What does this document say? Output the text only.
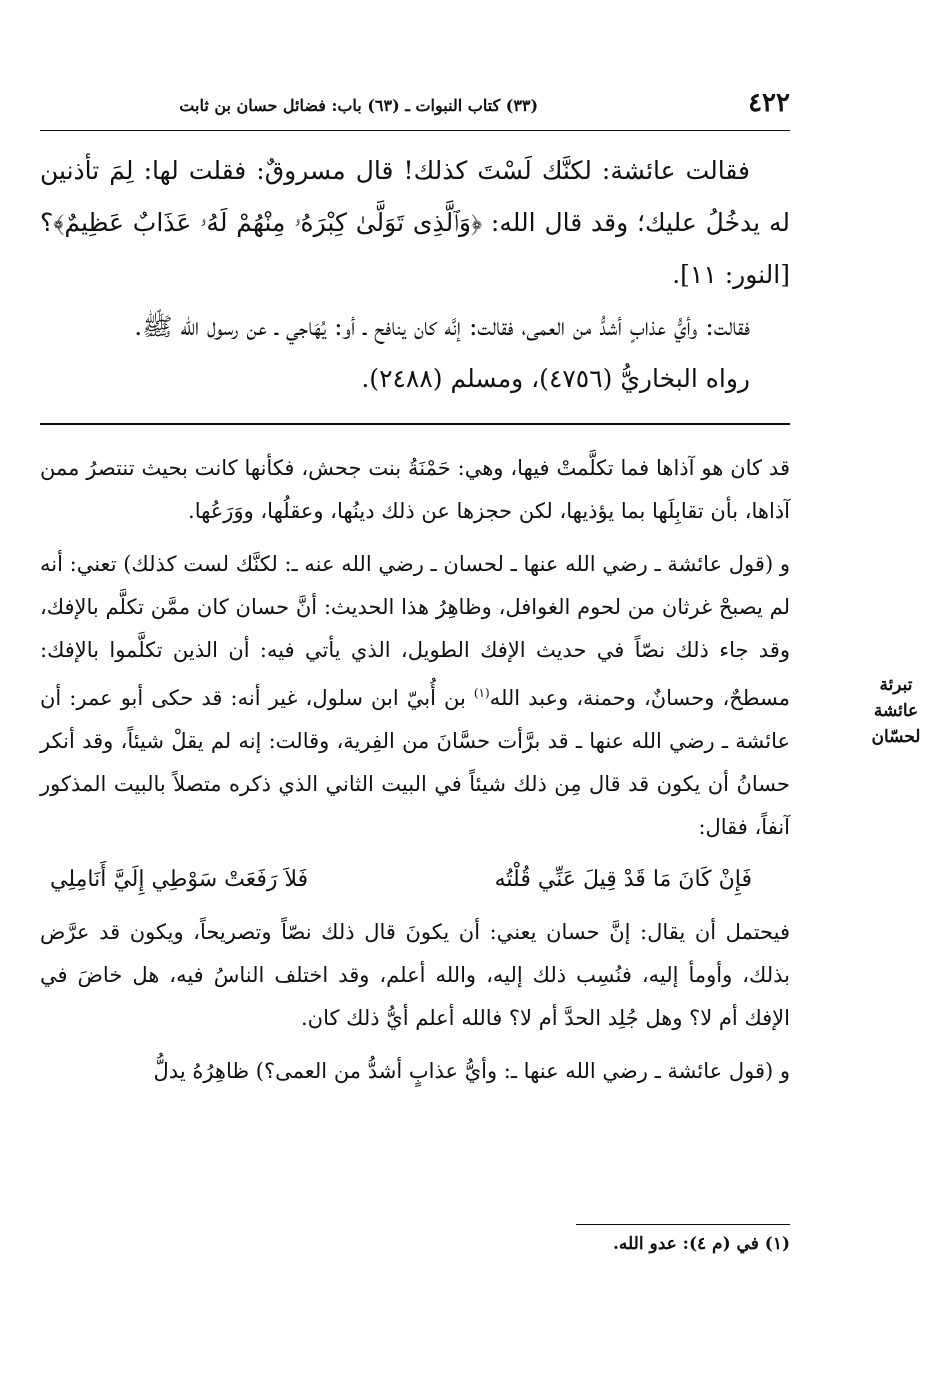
٤٢٢
(٣٣) كتاب النبوات ـ (٦٣) باب: فضائل حسان بن ثابت

فقالت عائشة: لكنَّك لَسْتَ كذلك! قال مسروقٌ: فقلت لها: لِمَ تأذنين له يدخُلُ عليك؛ وقد قال الله: ﴿وَٱلَّذِى تَوَلَّىٰ كِبْرَهُۥ مِنْهُمْ لَهُۥ عَذَابٌ عَظِيمٌ﴾؟ [النور: ١١].

فقالت: وأيُّ عذابٍ أشدُّ من العمى، فقالت: إنَّه كان ينافح ـ أو: يُهَاجي ـ عن رسول الله ﷺ.

رواه البخاريُّ (٤٧٥٦)، ومسلم (٢٤٨٨).

قد كان هو آذاها فما تكلَّمتْ فيها، وهي: حَمْنَةُ بنت جحش، فكأنها كانت بحيث تنتصرُ ممن آذاها، بأن تقابِلَها بما يؤذيها، لكن حجزها عن ذلك دينُها، وعقلُها، ووَرَعُها.

و (قول عائشة ـ رضي الله عنها ـ لحسان ـ رضي الله عنه ـ: لكنَّك لست كذلك) تعني: أنه لم يصبحْ غرثان من لحوم الغوافل، وظاهِرُ هذا الحديث: أنَّ حسان كان ممَّن تكلَّم بالإفك، وقد جاء ذلك نصّاً في حديث الإفك الطويل، الذي يأتي فيه: أن الذين تكلَّموا بالإفك: مسطحٌ، وحسانٌ، وحمنة، وعبد الله$^{(١)}$ بن أُبيّ ابن سلول، غير أنه: قد حكى أبو عمر: أن عائشة ـ رضي الله عنها ـ قد برَّأت حسَّانَ من الفِرية، وقالت: إنه لم يقلْ شيئاً، وقد أنكر حسانُ أن يكون قد قال مِن ذلك شيئاً في البيت الثاني الذي ذكره متصلاً بالبيت المذكور آنفاً، فقال:

فَإِنْ كَانَ مَا قَدْ قِيلَ عَنِّي قُلْتُه
فَلاَ رَفَعَتْ سَوْطِي إِلَيَّ أَنَامِلِي

فيحتمل أن يقال: إنَّ حسان يعني: أن يكونَ قال ذلك نصّاً وتصريحاً، ويكون قد عرَّض بذلك، وأومأ إليه، فنُسِب ذلك إليه، والله أعلم، وقد اختلف الناسُ فيه، هل خاضَ في الإفك أم لا؟ وهل جُلِد الحدَّ أم لا؟ فالله أعلم أيُّ ذلك كان.

و (قول عائشة ـ رضي الله عنها ـ: وأيُّ عذابٍ أشدُّ من العمى؟) ظاهِرُهُ يدلُّ

تبرئة
عائشة
لحسّان
(١) في (م ٤): عدو الله.
